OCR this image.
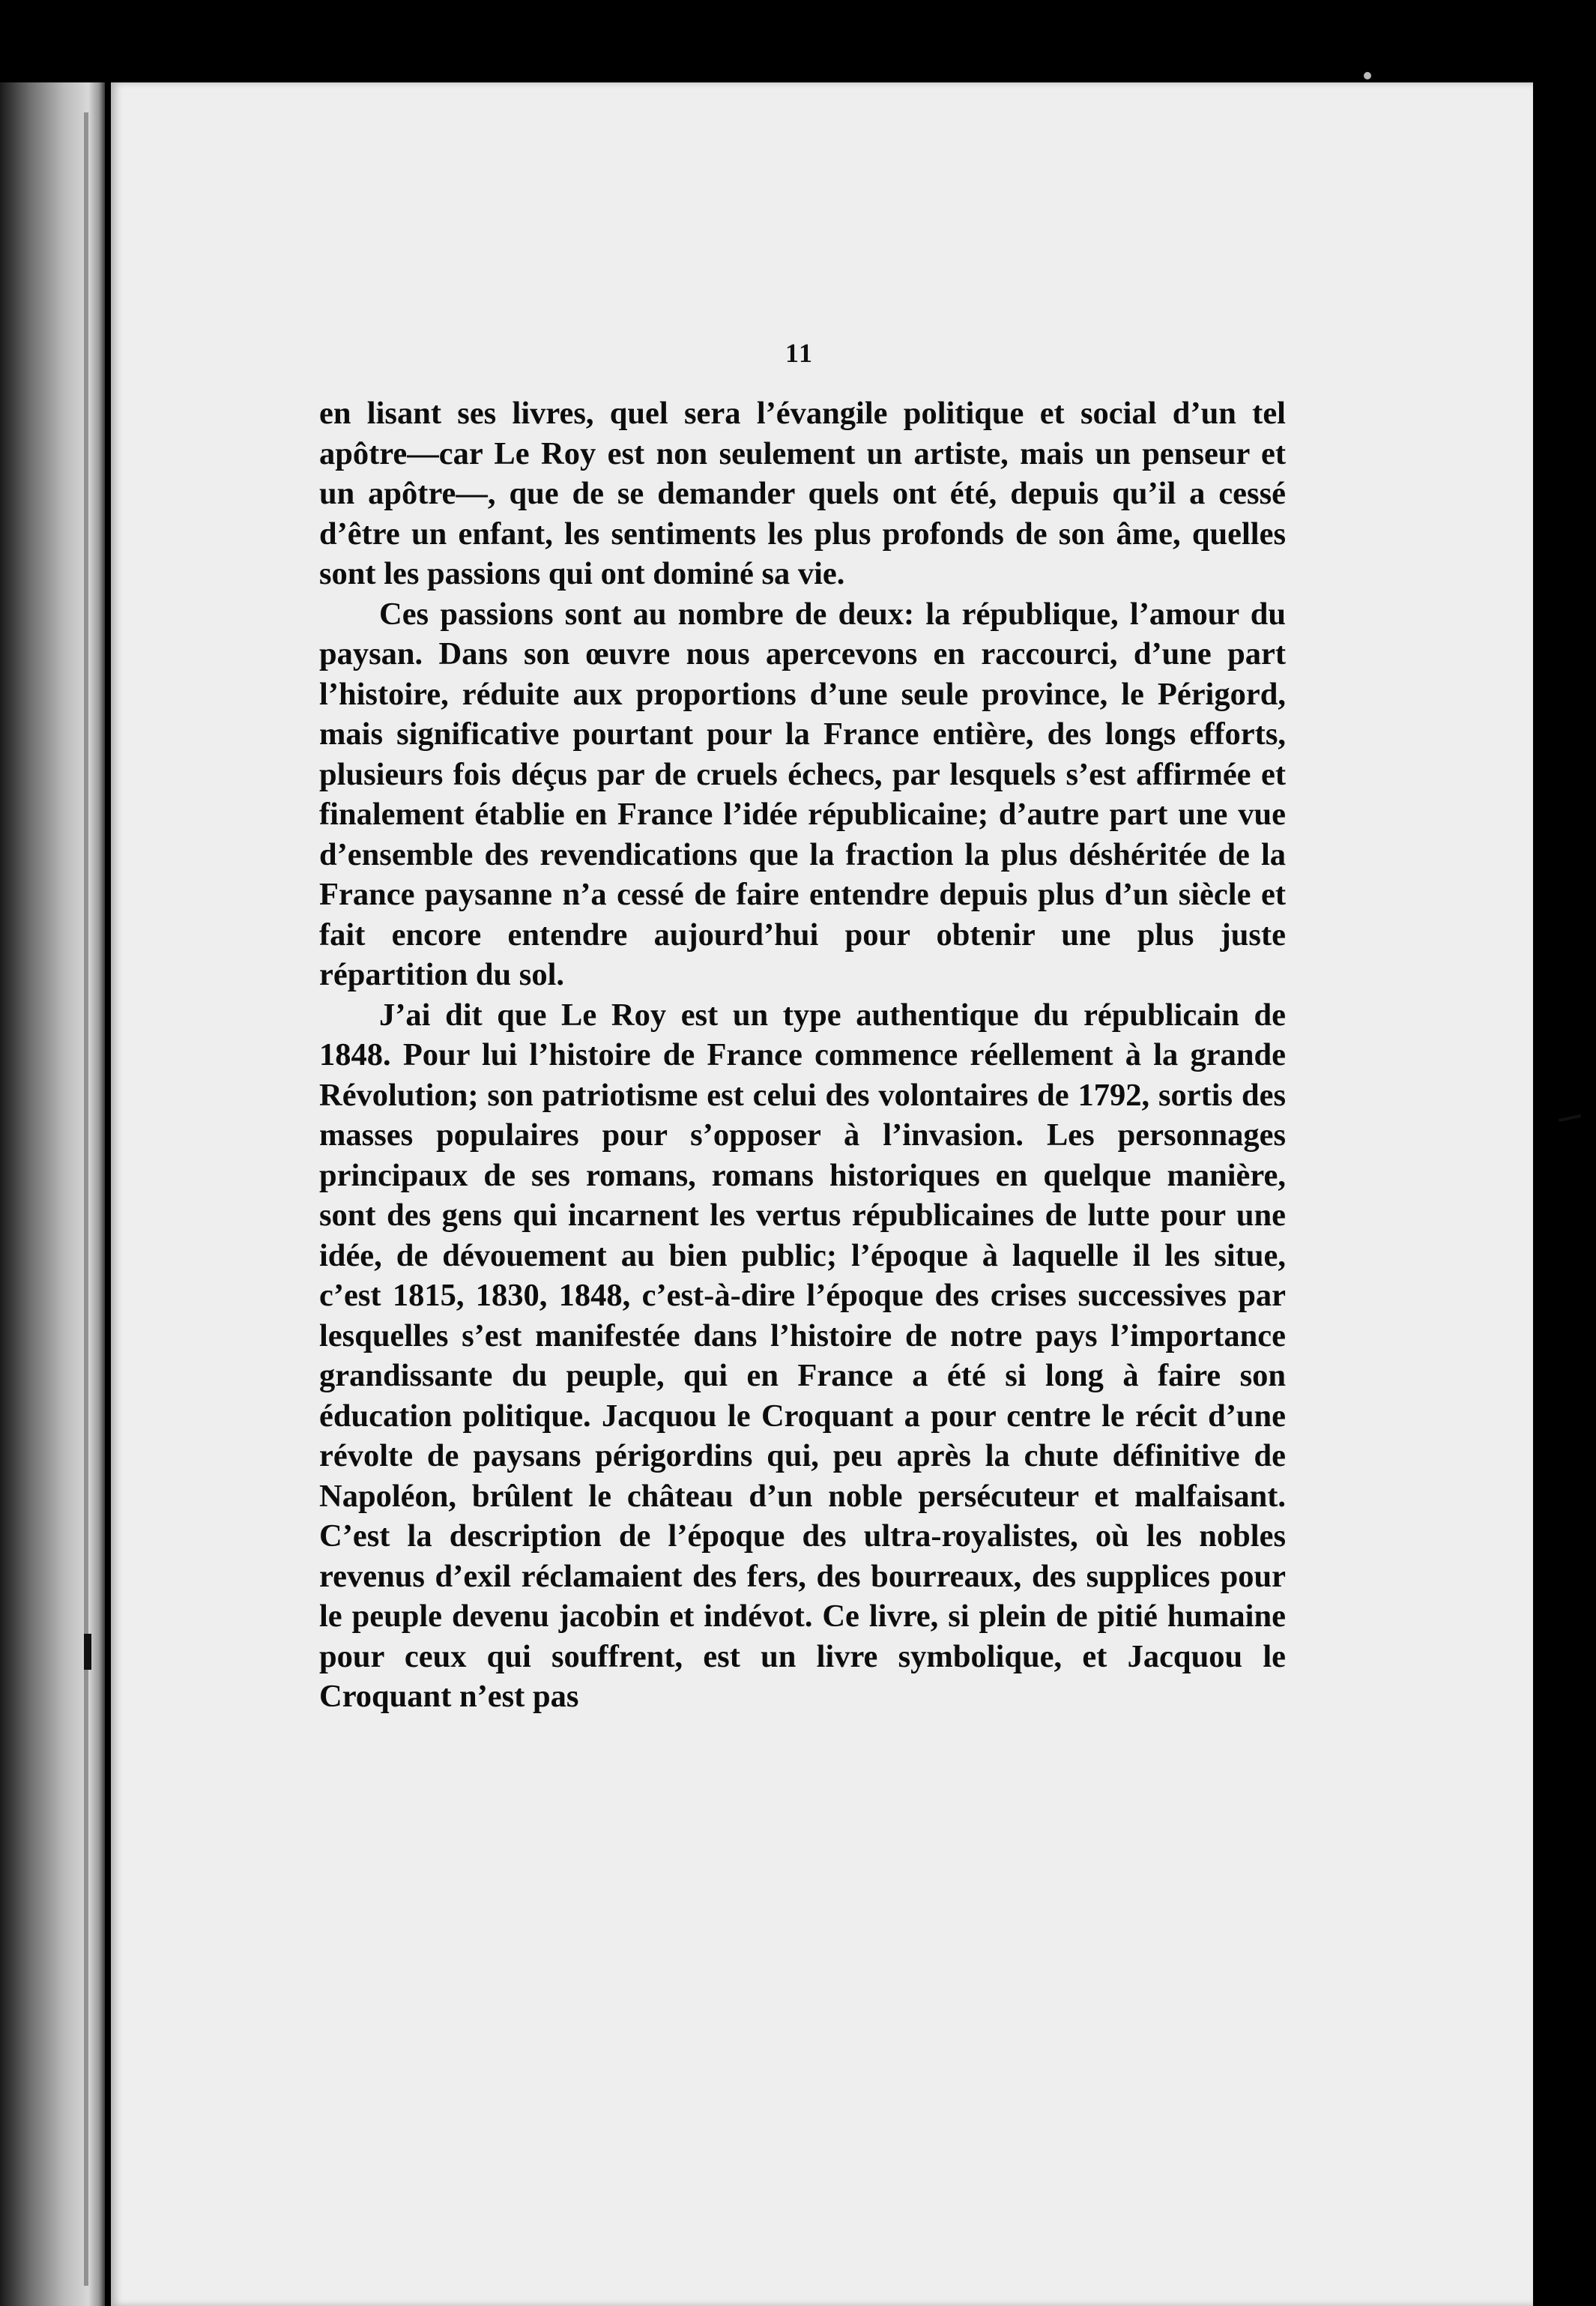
11

en lisant ses livres, quel sera l’évangile politique et social d’un tel apôtre—car Le Roy est non seulement un artiste, mais un penseur et un apôtre—, que de se demander quels ont été, depuis qu’il a cessé d’être un enfant, les sentiments les plus profonds de son âme, quelles sont les passions qui ont dominé sa vie.

Ces passions sont au nombre de deux: la république, l’amour du paysan. Dans son œuvre nous apercevons en raccourci, d’une part l’histoire, réduite aux proportions d’une seule province, le Périgord, mais significative pourtant pour la France entière, des longs efforts, plusieurs fois déçus par de cruels échecs, par lesquels s’est affirmée et finalement établie en France l’idée républicaine; d’autre part une vue d’ensemble des revendications que la fraction la plus déshéritée de la France paysanne n’a cessé de faire entendre depuis plus d’un siècle et fait encore entendre aujourd’hui pour obtenir une plus juste répartition du sol.

J’ai dit que Le Roy est un type authentique du républicain de 1848. Pour lui l’histoire de France commence réellement à la grande Révolution; son patriotisme est celui des volontaires de 1792, sortis des masses populaires pour s’opposer à l’invasion. Les personnages principaux de ses romans, romans historiques en quelque manière, sont des gens qui incarnent les vertus républicaines de lutte pour une idée, de dévouement au bien public; l’époque à laquelle il les situe, c’est 1815, 1830, 1848, c’est-à-dire l’époque des crises successives par lesquelles s’est manifestée dans l’histoire de notre pays l’importance grandissante du peuple, qui en France a été si long à faire son éducation politique. Jacquou le Croquant a pour centre le récit d’une révolte de paysans périgordins qui, peu après la chute définitive de Napoléon, brûlent le château d’un noble persécuteur et malfaisant. C’est la description de l’époque des ultra-royalistes, où les nobles revenus d’exil réclamaient des fers, des bourreaux, des supplices pour le peuple devenu jacobin et indévot. Ce livre, si plein de pitié humaine pour ceux qui souffrent, est un livre symbolique, et Jacquou le Croquant n’est pas
